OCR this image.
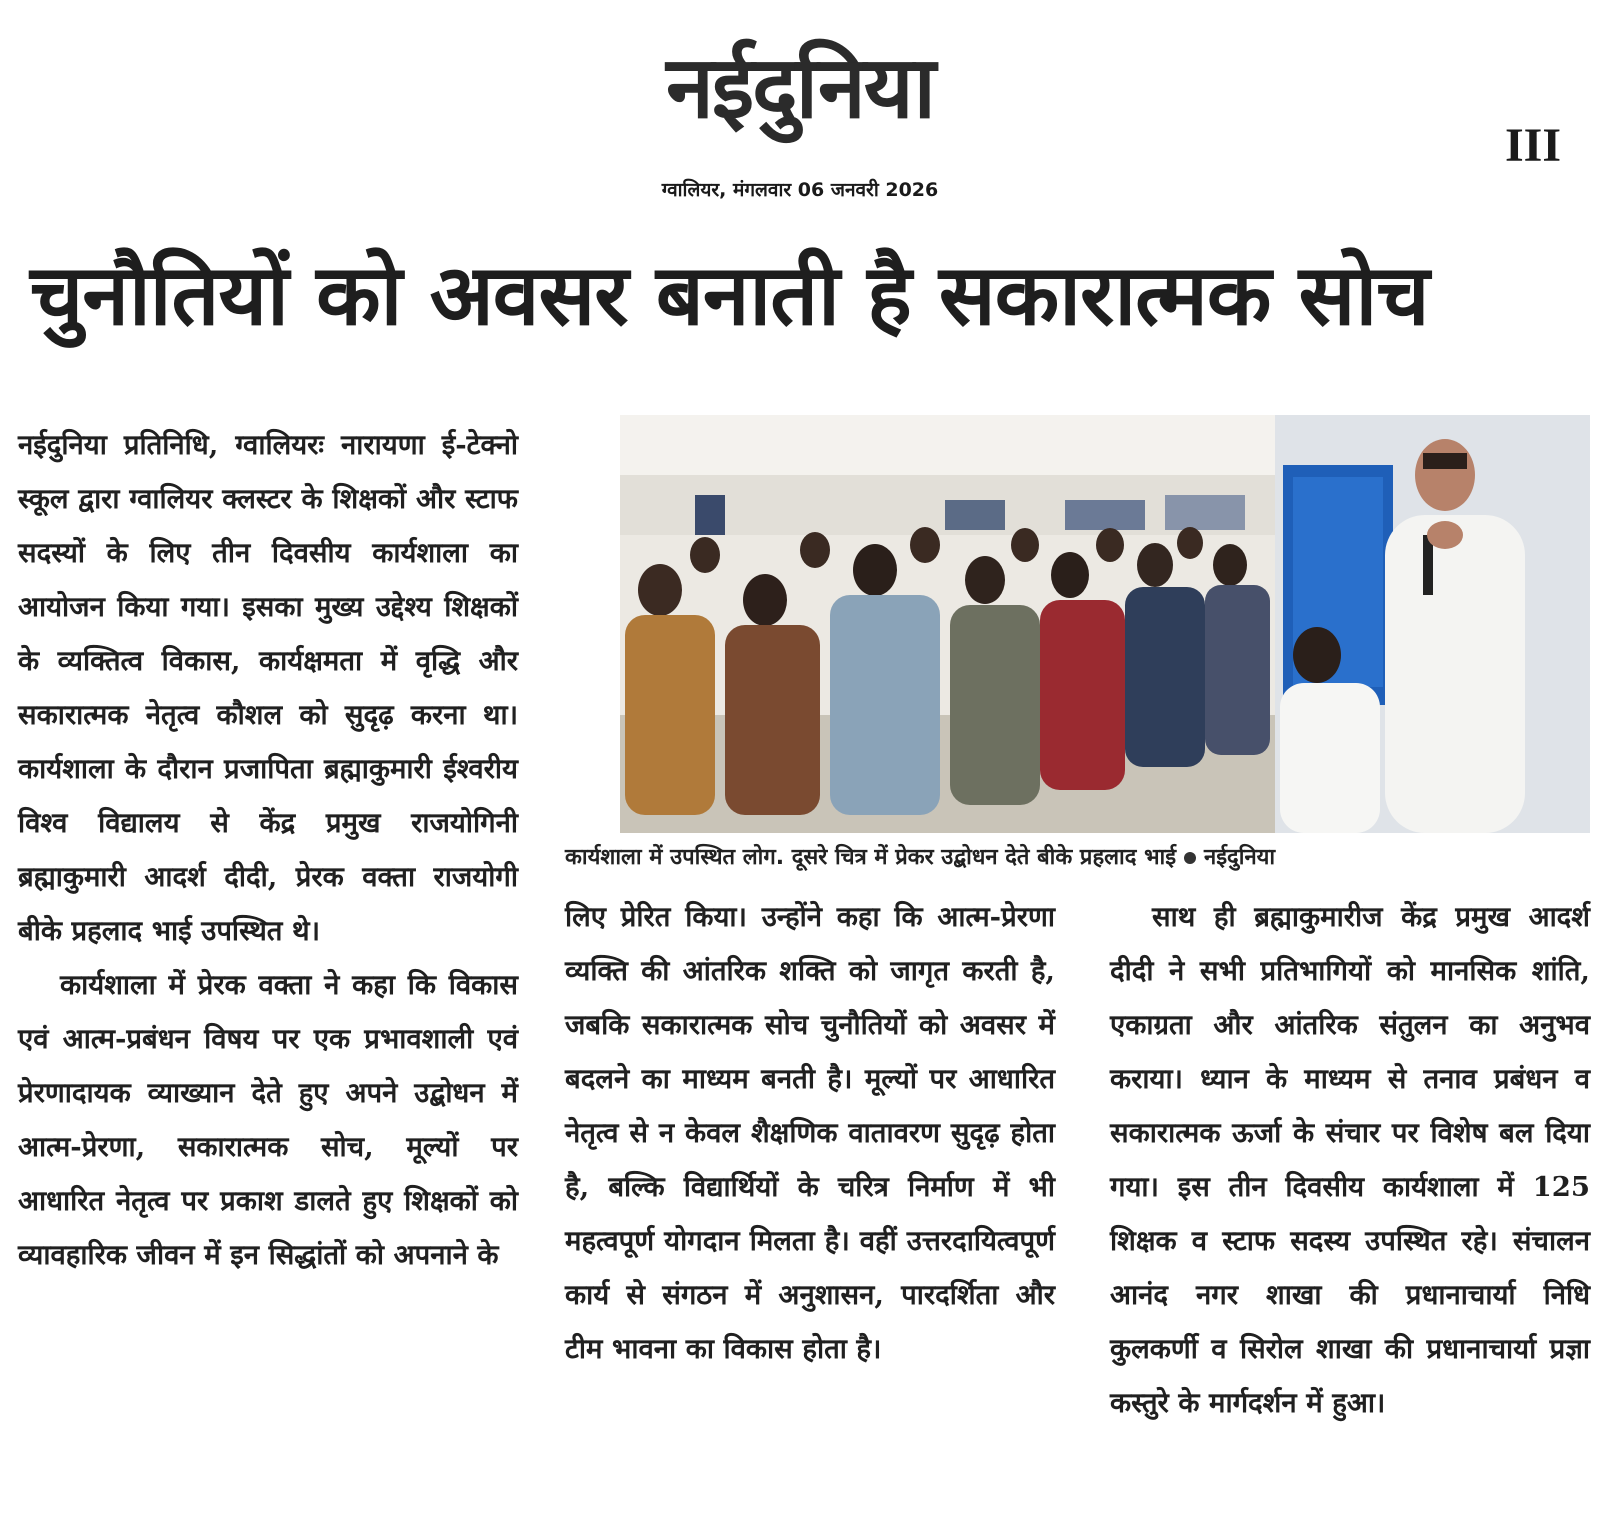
नईदुनिया
III
ग्वालियर, मंगलवार 06 जनवरी 2026
चुनौतियों को अवसर बनाती है सकारात्मक सोच

नईदुनिया प्रतिनिधि, ग्वालियरः नारायणा ई-टेक्नो स्कूल द्वारा ग्वालियर क्लस्टर के शिक्षकों और स्टाफ सदस्यों के लिए तीन दिवसीय कार्यशाला का आयोजन किया गया। इसका मुख्य उद्देश्य शिक्षकों के व्यक्तित्व विकास, कार्यक्षमता में वृद्धि और सकारात्मक नेतृत्व कौशल को सुदृढ़ करना था। कार्यशाला के दौरान प्रजापिता ब्रह्माकुमारी ईश्वरीय विश्व विद्यालय से केंद्र प्रमुख राजयोगिनी ब्रह्माकुमारी आदर्श दीदी, प्रेरक वक्ता राजयोगी बीके प्रहलाद भाई उपस्थित थे।

कार्यशाला में प्रेरक वक्ता ने कहा कि विकास एवं आत्म-प्रबंधन विषय पर एक प्रभावशाली एवं प्रेरणादायक व्याख्यान देते हुए अपने उद्बोधन में आत्म-प्रेरणा, सकारात्मक सोच, मूल्यों पर आधारित नेतृत्व पर प्रकाश डालते हुए शिक्षकों को व्यावहारिक जीवन में इन सिद्धांतों को अपनाने के

कार्यशाला में उपस्थित लोग. दूसरे चित्र में प्रेकर उद्बोधन देते बीके प्रहलाद भाई नईदुनिया

लिए प्रेरित किया। उन्होंने कहा कि आत्म-प्रेरणा व्यक्ति की आंतरिक शक्ति को जागृत करती है, जबकि सकारात्मक सोच चुनौतियों को अवसर में बदलने का माध्यम बनती है। मूल्यों पर आधारित नेतृत्व से न केवल शैक्षणिक वातावरण सुदृढ़ होता है, बल्कि विद्यार्थियों के चरित्र निर्माण में भी महत्वपूर्ण योगदान मिलता है। वहीं उत्तरदायित्वपूर्ण कार्य से संगठन में अनुशासन, पारदर्शिता और टीम भावना का विकास होता है।

साथ ही ब्रह्माकुमारीज केंद्र प्रमुख आदर्श दीदी ने सभी प्रतिभागियों को मानसिक शांति, एकाग्रता और आंतरिक संतुलन का अनुभव कराया। ध्यान के माध्यम से तनाव प्रबंधन व सकारात्मक ऊर्जा के संचार पर विशेष बल दिया गया। इस तीन दिवसीय कार्यशाला में 125 शिक्षक व स्टाफ सदस्य उपस्थित रहे। संचालन आनंद नगर शाखा की प्रधानाचार्या निधि कुलकर्णी व सिरोल शाखा की प्रधानाचार्या प्रज्ञा कस्तुरे के मार्गदर्शन में हुआ।
